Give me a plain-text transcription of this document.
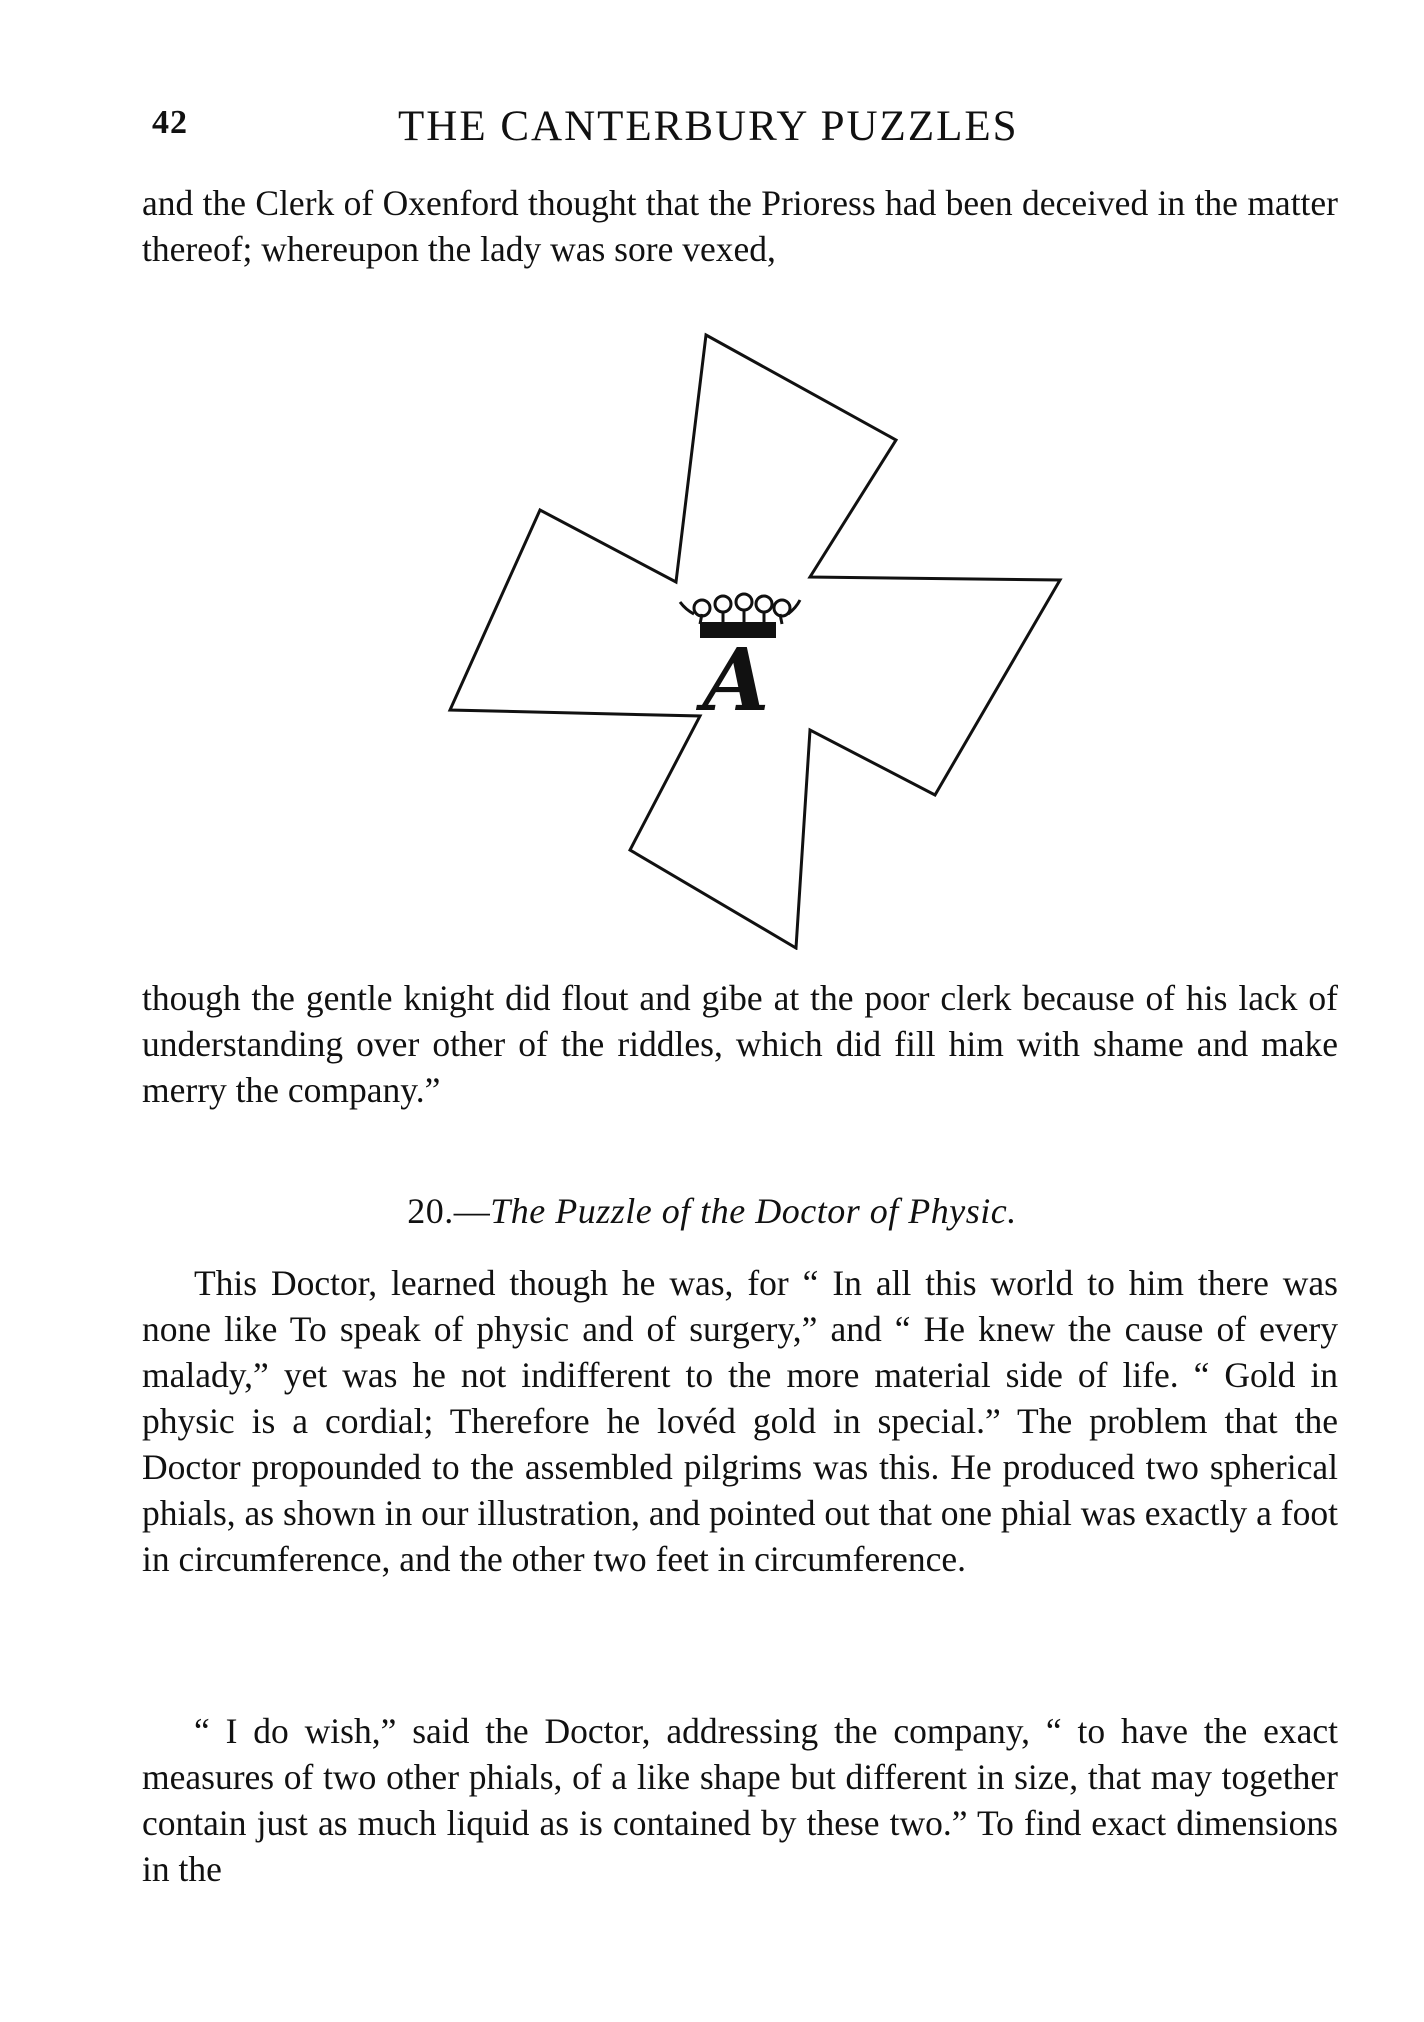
42	THE CANTERBURY PUZZLES

and the Clerk of Oxenford thought that the Prioress had been deceived in the matter thereof; whereupon the lady was sore vexed,

A

though the gentle knight did flout and gibe at the poor clerk because of his lack of understanding over other of the riddles, which did fill him with shame and make merry the company.”

20.—The Puzzle of the Doctor of Physic.

This Doctor, learned though he was, for “ In all this world to him there was none like To speak of physic and of surgery,” and “ He knew the cause of every malady,” yet was he not indifferent to the more material side of life. “ Gold in physic is a cordial; Therefore he lovéd gold in special.” The problem that the Doctor propounded to the assembled pilgrims was this. He produced two spherical phials, as shown in our illustration, and pointed out that one phial was exactly a foot in circumference, and the other two feet in circumference.

“ I do wish,” said the Doctor, addressing the company, “ to have the exact measures of two other phials, of a like shape but different in size, that may together contain just as much liquid as is contained by these two.” To find exact dimensions in the
